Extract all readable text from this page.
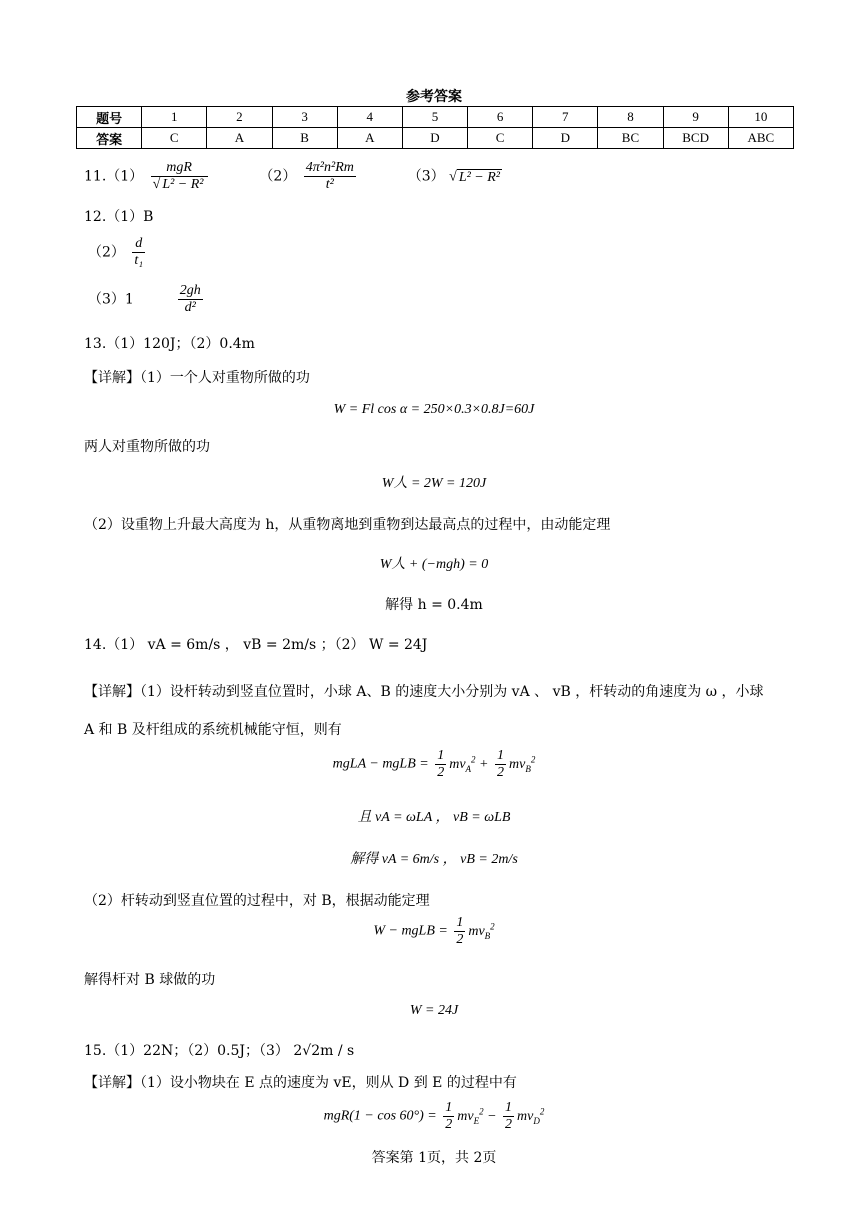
参考答案
题号	1	2	3	4	5	6	7	8	9	10
答案	C	A	B	A	D	C	D	BC	BCD	ABC
$11.(1) \frac{\text{mgR}}{\text{√ L² − R²}}$	$(2) \frac{\text{4π²n²Rm}}{\text{t²}}$	（3） √ L² − R²
12.（1）B
$(2) \frac{d}{\text{t₁}}$
（3）1	$\frac{2gh}{\text{d²}}$
13.（1）120J；（2）0.4m
【详解】（1）一个人对重物所做的功
W = Fl cos α = 250×0.3×0.8J=60J
两人对重物所做的功
W人 = 2W = 120J
（2）设重物上升最大高度为 h，从重物离地到重物到达最高点的过程中，由动能定理
W人 + (−mgh) = 0
解得 h = 0.4m
14.（1） vA = 6m/s ， vB = 2m/s ；（2） W = 24J
【详解】（1）设杆转动到竖直位置时，小球 A、B 的速度大小分别为 vA 、 vB ，杆转动的角速度为 ω ，小球
A 和 B 及杆组成的系统机械能守恒，则有
mgLA − mgLB = $\frac{1}{2} mv_A^2 + \frac{1}{2} mv_B^2$
且 vA = ωLA ， vB = ωLB
解得 vA = 6m/s ， vB = 2m/s
（2）杆转动到竖直位置的过程中，对 B，根据动能定理
W − mgLB = $\frac{1}{2} mv_B^2$
解得杆对 B 球做的功
W = 24J
15.（1）22N；（2）0.5J；（3） 2√2m / s
【详解】（1）设小物块在 E 点的速度为 vE，则从 D 到 E 的过程中有
$mgR(1 - \cos 60^\circ) = \frac{1}{2} mv_E^2 - \frac{1}{2} mv_D^2$
答案第 1页，共 2页
